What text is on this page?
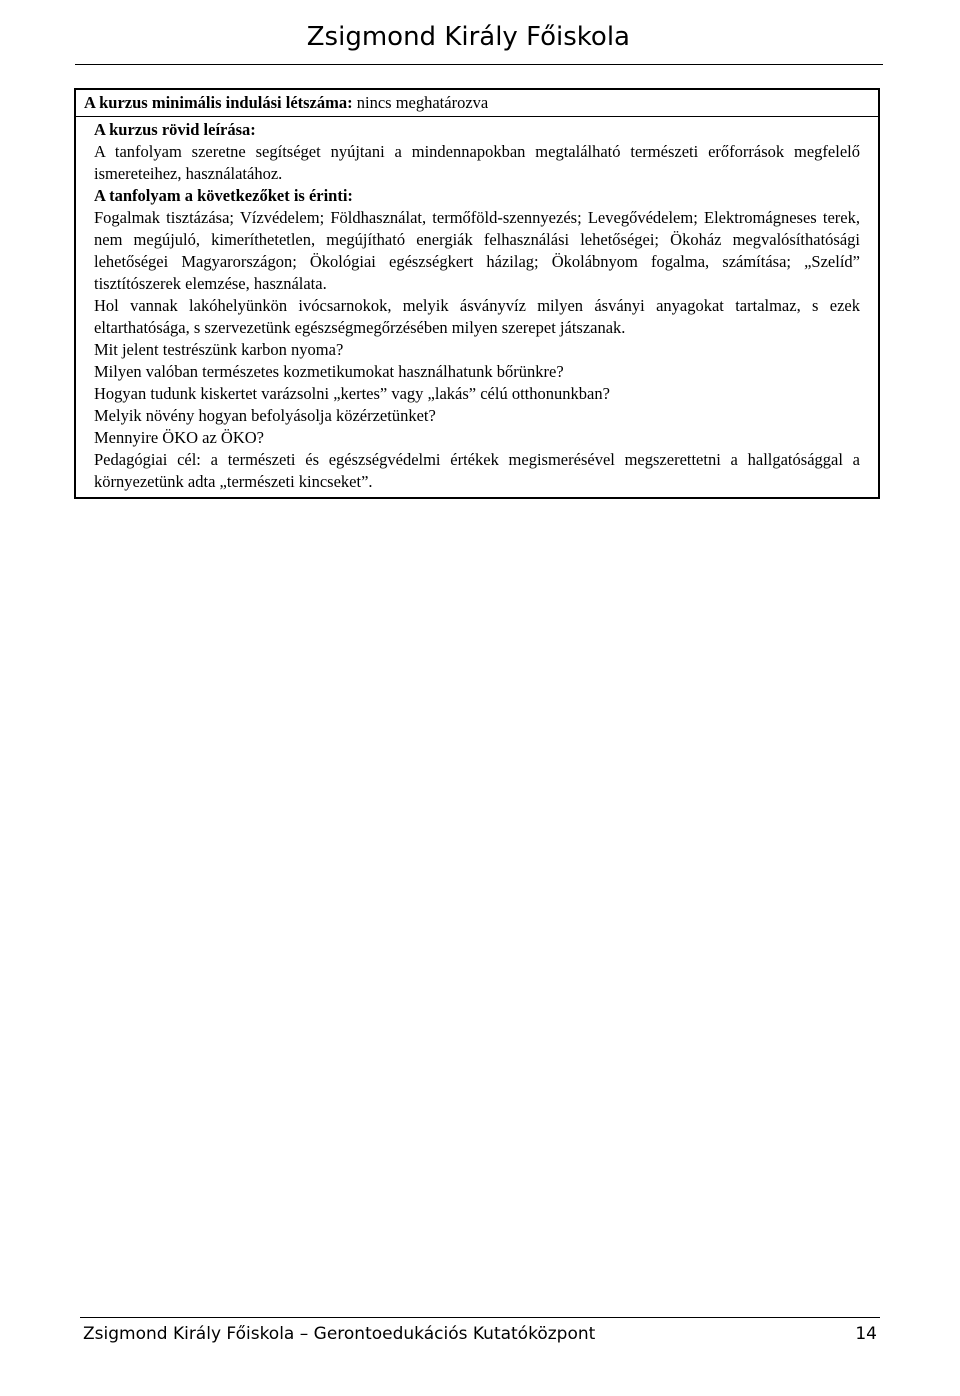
Zsigmond Király Főiskola
A kurzus minimális indulási létszáma: nincs meghatározva

A kurzus rövid leírása:

A tanfolyam szeretne segítséget nyújtani a mindennapokban megtalálható természeti erőforrások megfelelő ismereteihez, használatához.

A tanfolyam a következőket is érinti:

Fogalmak tisztázása; Vízvédelem; Földhasználat, termőföld-szennyezés; Levegővédelem; Elektromágneses terek, nem megújuló, kimeríthetetlen, megújítható energiák felhasználási lehetőségei; Ökoház megvalósíthatósági lehetőségei Magyarországon; Ökológiai egészségkert házilag; Ökolábnyom fogalma, számítása; „Szelíd” tisztítószerek elemzése, használata.

Hol vannak lakóhelyünkön ivócsarnokok, melyik ásványvíz milyen ásványi anyagokat tartalmaz, s ezek eltarthatósága, s szervezetünk egészségmegőrzésében milyen szerepet játszanak.

Mit jelent testrészünk karbon nyoma?

Milyen valóban természetes kozmetikumokat használhatunk bőrünkre?

Hogyan tudunk kiskertet varázsolni „kertes” vagy „lakás” célú otthonunkban?

Melyik növény hogyan befolyásolja közérzetünket?

Mennyire ÖKO az ÖKO?

Pedagógiai cél: a természeti és egészségvédelmi értékek megismerésével megszerettetni a hallgatósággal a környezetünk adta „természeti kincseket”.

Zsigmond Király Főiskola – Gerontoedukációs Kutatóközpont	14
